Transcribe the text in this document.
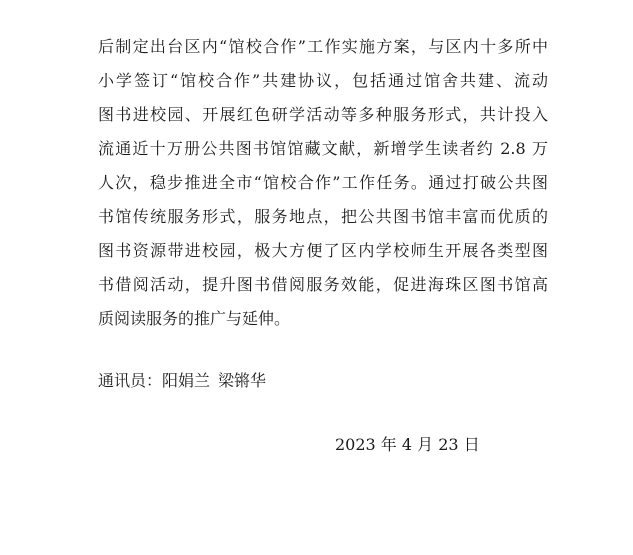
后制定出台区内“馆校合作”工作实施方案，与区内十多所中
小学签订“馆校合作”共建协议，包括通过馆舍共建、流动
图书进校园、开展红色研学活动等多种服务形式，共计投入
流通近十万册公共图书馆馆藏文献，新增学生读者约 2.8 万
人次，稳步推进全市“馆校合作”工作任务。通过打破公共图
书馆传统服务形式，服务地点，把公共图书馆丰富而优质的
图书资源带进校园，极大方便了区内学校师生开展各类型图
书借阅活动，提升图书借阅服务效能，促进海珠区图书馆高
质阅读服务的推广与延伸。
通讯员：阳娟兰 梁锵华
2023 年 4 月 23 日
